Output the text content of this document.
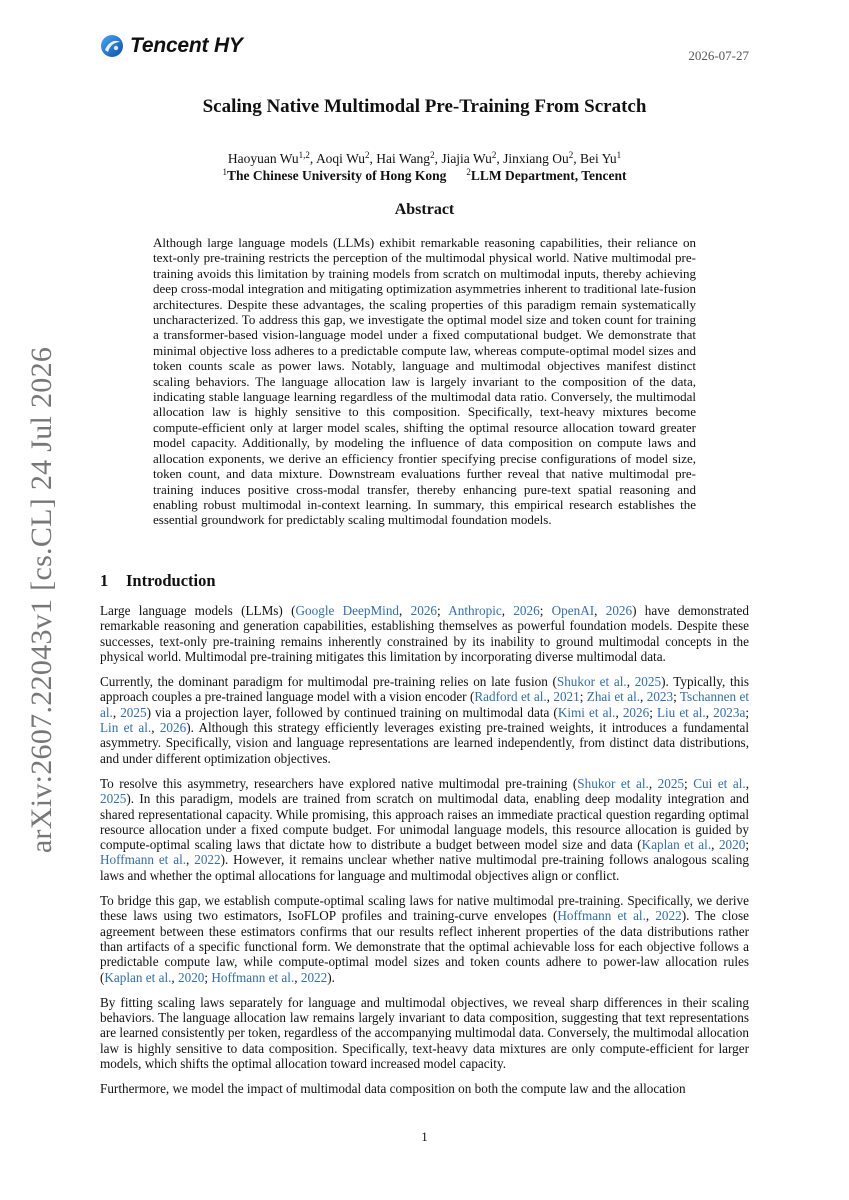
Tencent HY	2026-07-27
arXiv:2607.22043v1 [cs.CL] 24 Jul 2026
Scaling Native Multimodal Pre-Training From Scratch
Haoyuan Wu$^{1,2}$, Aoqi Wu$^2$, Hai Wang$^2$, Jiajia Wu$^2$, Jinxiang Ou$^2$, Bei Yu$^1$
$^1$The Chinese University of Hong Kong $^2$LLM Department, Tencent
Abstract

Although large language models (LLMs) exhibit remarkable reasoning capabilities, their reliance on text-only pre-training restricts the perception of the multimodal physical world. Native multimodal pre-training avoids this limitation by training models from scratch on multimodal inputs, thereby achieving deep cross-modal integration and mitigating optimization asymmetries inherent to traditional late-fusion architectures. Despite these advantages, the scaling properties of this paradigm remain systematically uncharacterized. To address this gap, we investigate the optimal model size and token count for training a transformer-based vision-language model under a fixed computational budget. We demonstrate that minimal objective loss adheres to a predictable compute law, whereas compute-optimal model sizes and token counts scale as power laws. Notably, language and multimodal objectives manifest distinct scaling behaviors. The language allocation law is largely invariant to the composition of the data, indicating stable language learning regardless of the multimodal data ratio. Conversely, the multimodal allocation law is highly sensitive to this composition. Specifically, text-heavy mixtures become compute-efficient only at larger model scales, shifting the optimal resource allocation toward greater model capacity. Additionally, by modeling the influence of data composition on compute laws and allocation exponents, we derive an efficiency frontier specifying precise configurations of model size, token count, and data mixture. Downstream evaluations further reveal that native multimodal pre-training induces positive cross-modal transfer, thereby enhancing pure-text spatial reasoning and enabling robust multimodal in-context learning. In summary, this empirical research establishes the essential groundwork for predictably scaling multimodal foundation models.

1 Introduction

Large language models (LLMs) (Google DeepMind, 2026; Anthropic, 2026; OpenAI, 2026) have demonstrated remarkable reasoning and generation capabilities, establishing themselves as powerful foundation models. Despite these successes, text-only pre-training remains inherently constrained by its inability to ground multimodal concepts in the physical world. Multimodal pre-training mitigates this limitation by incorporating diverse multimodal data.

Currently, the dominant paradigm for multimodal pre-training relies on late fusion (Shukor et al., 2025). Typically, this approach couples a pre-trained language model with a vision encoder (Radford et al., 2021; Zhai et al., 2023; Tschannen et al., 2025) via a projection layer, followed by continued training on multimodal data (Kimi et al., 2026; Liu et al., 2023a; Lin et al., 2026). Although this strategy efficiently leverages existing pre-trained weights, it introduces a fundamental asymmetry. Specifically, vision and language representations are learned independently, from distinct data distributions, and under different optimization objectives.

To resolve this asymmetry, researchers have explored native multimodal pre-training (Shukor et al., 2025; Cui et al., 2025). In this paradigm, models are trained from scratch on multimodal data, enabling deep modality integration and shared representational capacity. While promising, this approach raises an immediate practical question regarding optimal resource allocation under a fixed compute budget. For unimodal language models, this resource allocation is guided by compute-optimal scaling laws that dictate how to distribute a budget between model size and data (Kaplan et al., 2020; Hoffmann et al., 2022). However, it remains unclear whether native multimodal pre-training follows analogous scaling laws and whether the optimal allocations for language and multimodal objectives align or conflict.

To bridge this gap, we establish compute-optimal scaling laws for native multimodal pre-training. Specifically, we derive these laws using two estimators, IsoFLOP profiles and training-curve envelopes (Hoffmann et al., 2022). The close agreement between these estimators confirms that our results reflect inherent properties of the data distributions rather than artifacts of a specific functional form. We demonstrate that the optimal achievable loss for each objective follows a predictable compute law, while compute-optimal model sizes and token counts adhere to power-law allocation rules (Kaplan et al., 2020; Hoffmann et al., 2022).

By fitting scaling laws separately for language and multimodal objectives, we reveal sharp differences in their scaling behaviors. The language allocation law remains largely invariant to data composition, suggesting that text representations are learned consistently per token, regardless of the accompanying multimodal data. Conversely, the multimodal allocation law is highly sensitive to data composition. Specifically, text-heavy data mixtures are only compute-efficient for larger models, which shifts the optimal allocation toward increased model capacity.

Furthermore, we model the impact of multimodal data composition on both the compute law and the allocation

1
